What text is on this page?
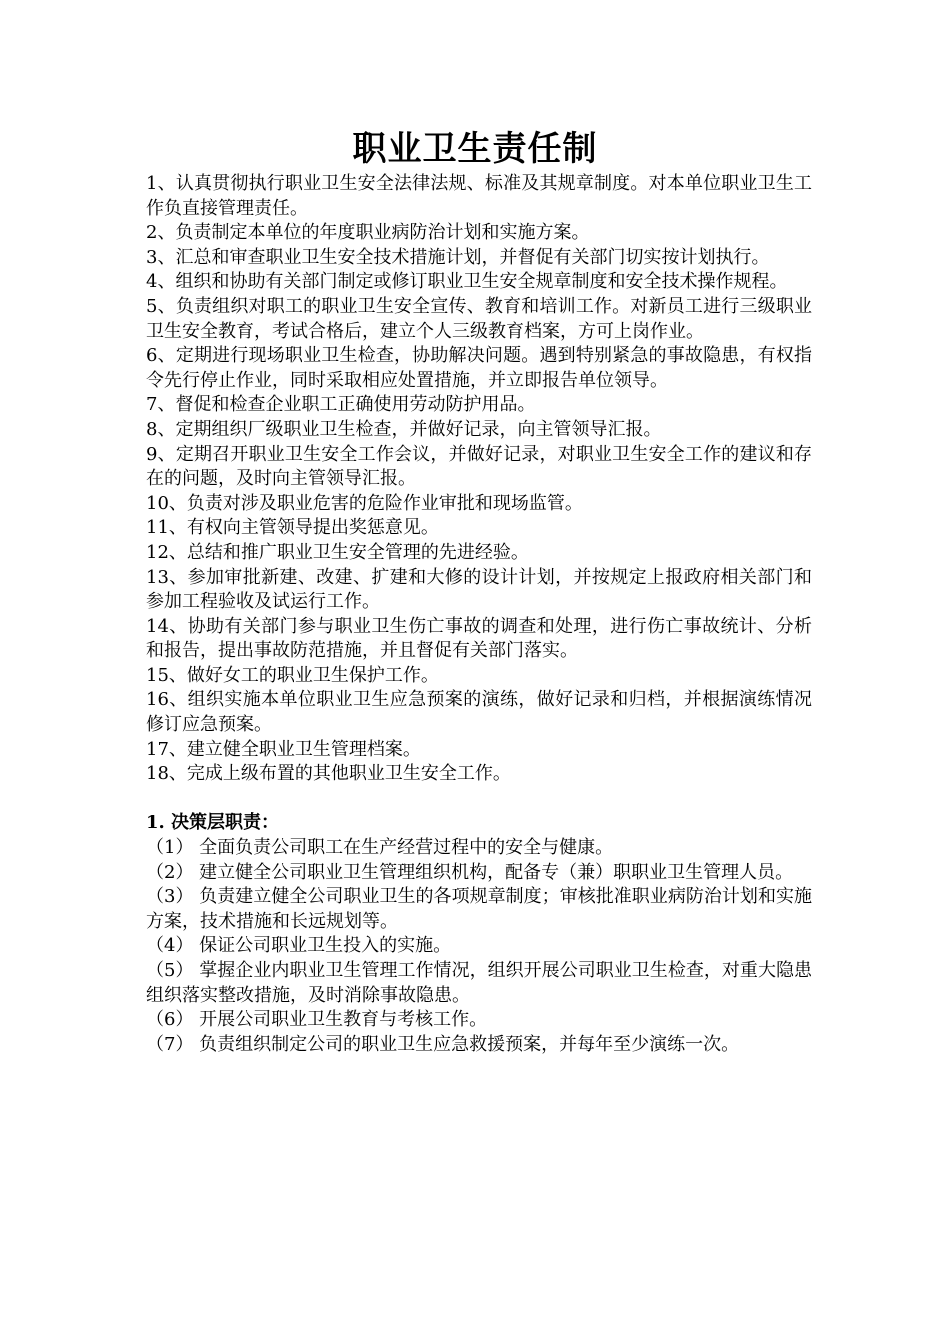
职业卫生责任制

1、认真贯彻执行职业卫生安全法律法规、标准及其规章制度。对本单位职业卫生工作负直接管理责任。

2、负责制定本单位的年度职业病防治计划和实施方案。

3、汇总和审查职业卫生安全技术措施计划，并督促有关部门切实按计划执行。

4、组织和协助有关部门制定或修订职业卫生安全规章制度和安全技术操作规程。

5、负责组织对职工的职业卫生安全宣传、教育和培训工作。对新员工进行三级职业卫生安全教育，考试合格后，建立个人三级教育档案，方可上岗作业。

6、定期进行现场职业卫生检查，协助解决问题。遇到特别紧急的事故隐患，有权指令先行停止作业，同时采取相应处置措施，并立即报告单位领导。

7、督促和检查企业职工正确使用劳动防护用品。

8、定期组织厂级职业卫生检查，并做好记录，向主管领导汇报。

9、定期召开职业卫生安全工作会议，并做好记录，对职业卫生安全工作的建议和存在的问题，及时向主管领导汇报。

10、负责对涉及职业危害的危险作业审批和现场监管。

11、有权向主管领导提出奖惩意见。

12、总结和推广职业卫生安全管理的先进经验。

13、参加审批新建、改建、扩建和大修的设计计划，并按规定上报政府相关部门和参加工程验收及试运行工作。

14、协助有关部门参与职业卫生伤亡事故的调查和处理，进行伤亡事故统计、分析和报告，提出事故防范措施，并且督促有关部门落实。

15、做好女工的职业卫生保护工作。

16、组织实施本单位职业卫生应急预案的演练，做好记录和归档，并根据演练情况修订应急预案。

17、建立健全职业卫生管理档案。

18、完成上级布置的其他职业卫生安全工作。

1. 决策层职责：

（1） 全面负责公司职工在生产经营过程中的安全与健康。

（2） 建立健全公司职业卫生管理组织机构，配备专（兼）职职业卫生管理人员。

（3） 负责建立健全公司职业卫生的各项规章制度；审核批准职业病防治计划和实施方案，技术措施和长远规划等。

（4） 保证公司职业卫生投入的实施。

（5） 掌握企业内职业卫生管理工作情况，组织开展公司职业卫生检查，对重大隐患组织落实整改措施，及时消除事故隐患。

（6） 开展公司职业卫生教育与考核工作。

（7） 负责组织制定公司的职业卫生应急救援预案，并每年至少演练一次。
